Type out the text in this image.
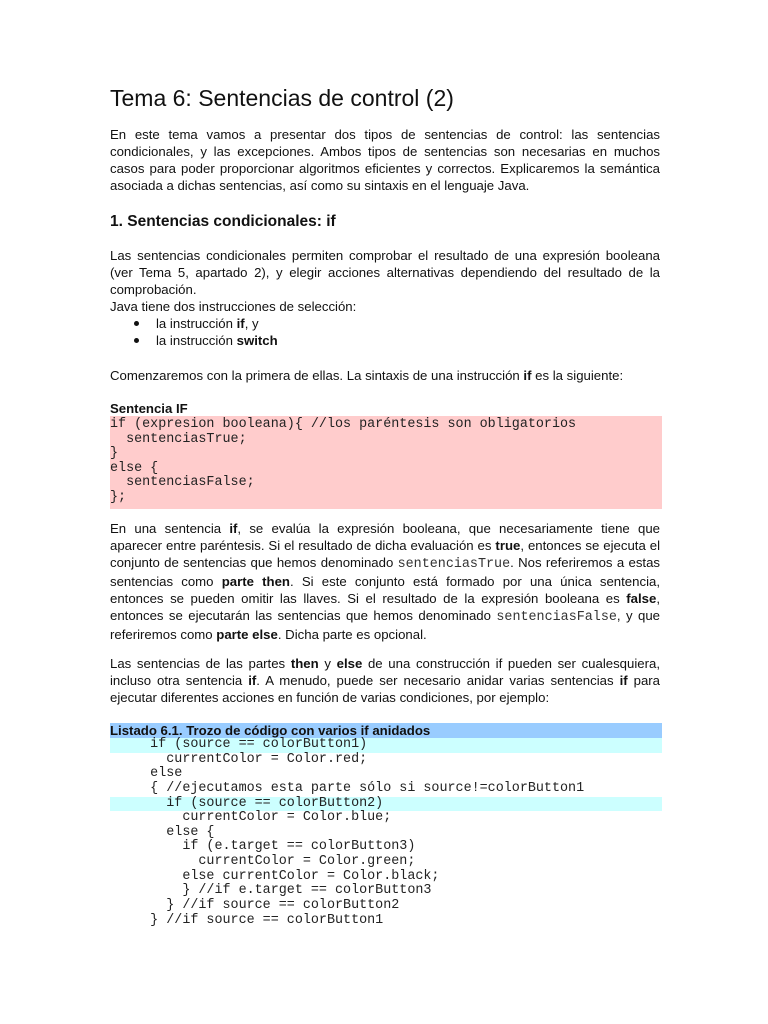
Tema 6: Sentencias de control (2)

En este tema vamos a presentar dos tipos de sentencias de control: las sentencias condicionales, y las excepciones. Ambos tipos de sentencias son necesarias en muchos casos para poder proporcionar algoritmos eficientes y correctos. Explicaremos la semántica asociada a dichas sentencias, así como su sintaxis en el lenguaje Java.

1. Sentencias condicionales: if

Las sentencias condicionales permiten comprobar el resultado de una expresión booleana (ver Tema 5, apartado 2), y elegir acciones alternativas dependiendo del resultado de la comprobación.

Java tiene dos instrucciones de selección:

la instrucción if, y
la instrucción switch

Comenzaremos con la primera de ellas. La sintaxis de una instrucción if es la siguiente:

Sentencia IF
if (expresion booleana){ //los paréntesis son obligatorios
sentenciasTrue;
}
else {
sentenciasFalse;
};

En una sentencia if, se evalúa la expresión booleana, que necesariamente tiene que aparecer entre paréntesis. Si el resultado de dicha evaluación es true, entonces se ejecuta el conjunto de sentencias que hemos denominado sentenciasTrue. Nos referiremos a estas sentencias como parte then. Si este conjunto está formado por una única sentencia, entonces se pueden omitir las llaves. Si el resultado de la expresión booleana es false, entonces se ejecutarán las sentencias que hemos denominado sentenciasFalse, y que referiremos como parte else. Dicha parte es opcional.

Las sentencias de las partes then y else de una construcción if pueden ser cualesquiera, incluso otra sentencia if. A menudo, puede ser necesario anidar varias sentencias if para ejecutar diferentes acciones en función de varias condiciones, por ejemplo:

Listado 6.1. Trozo de código con varios if anidados
if (source == colorButton1)
currentColor = Color.red;
else
{ //ejecutamos esta parte sólo si source!=colorButton1
if (source == colorButton2)
currentColor = Color.blue;
else {
if (e.target == colorButton3)
currentColor = Color.green;
else currentColor = Color.black;
} //if e.target == colorButton3
} //if source == colorButton2
} //if source == colorButton1
